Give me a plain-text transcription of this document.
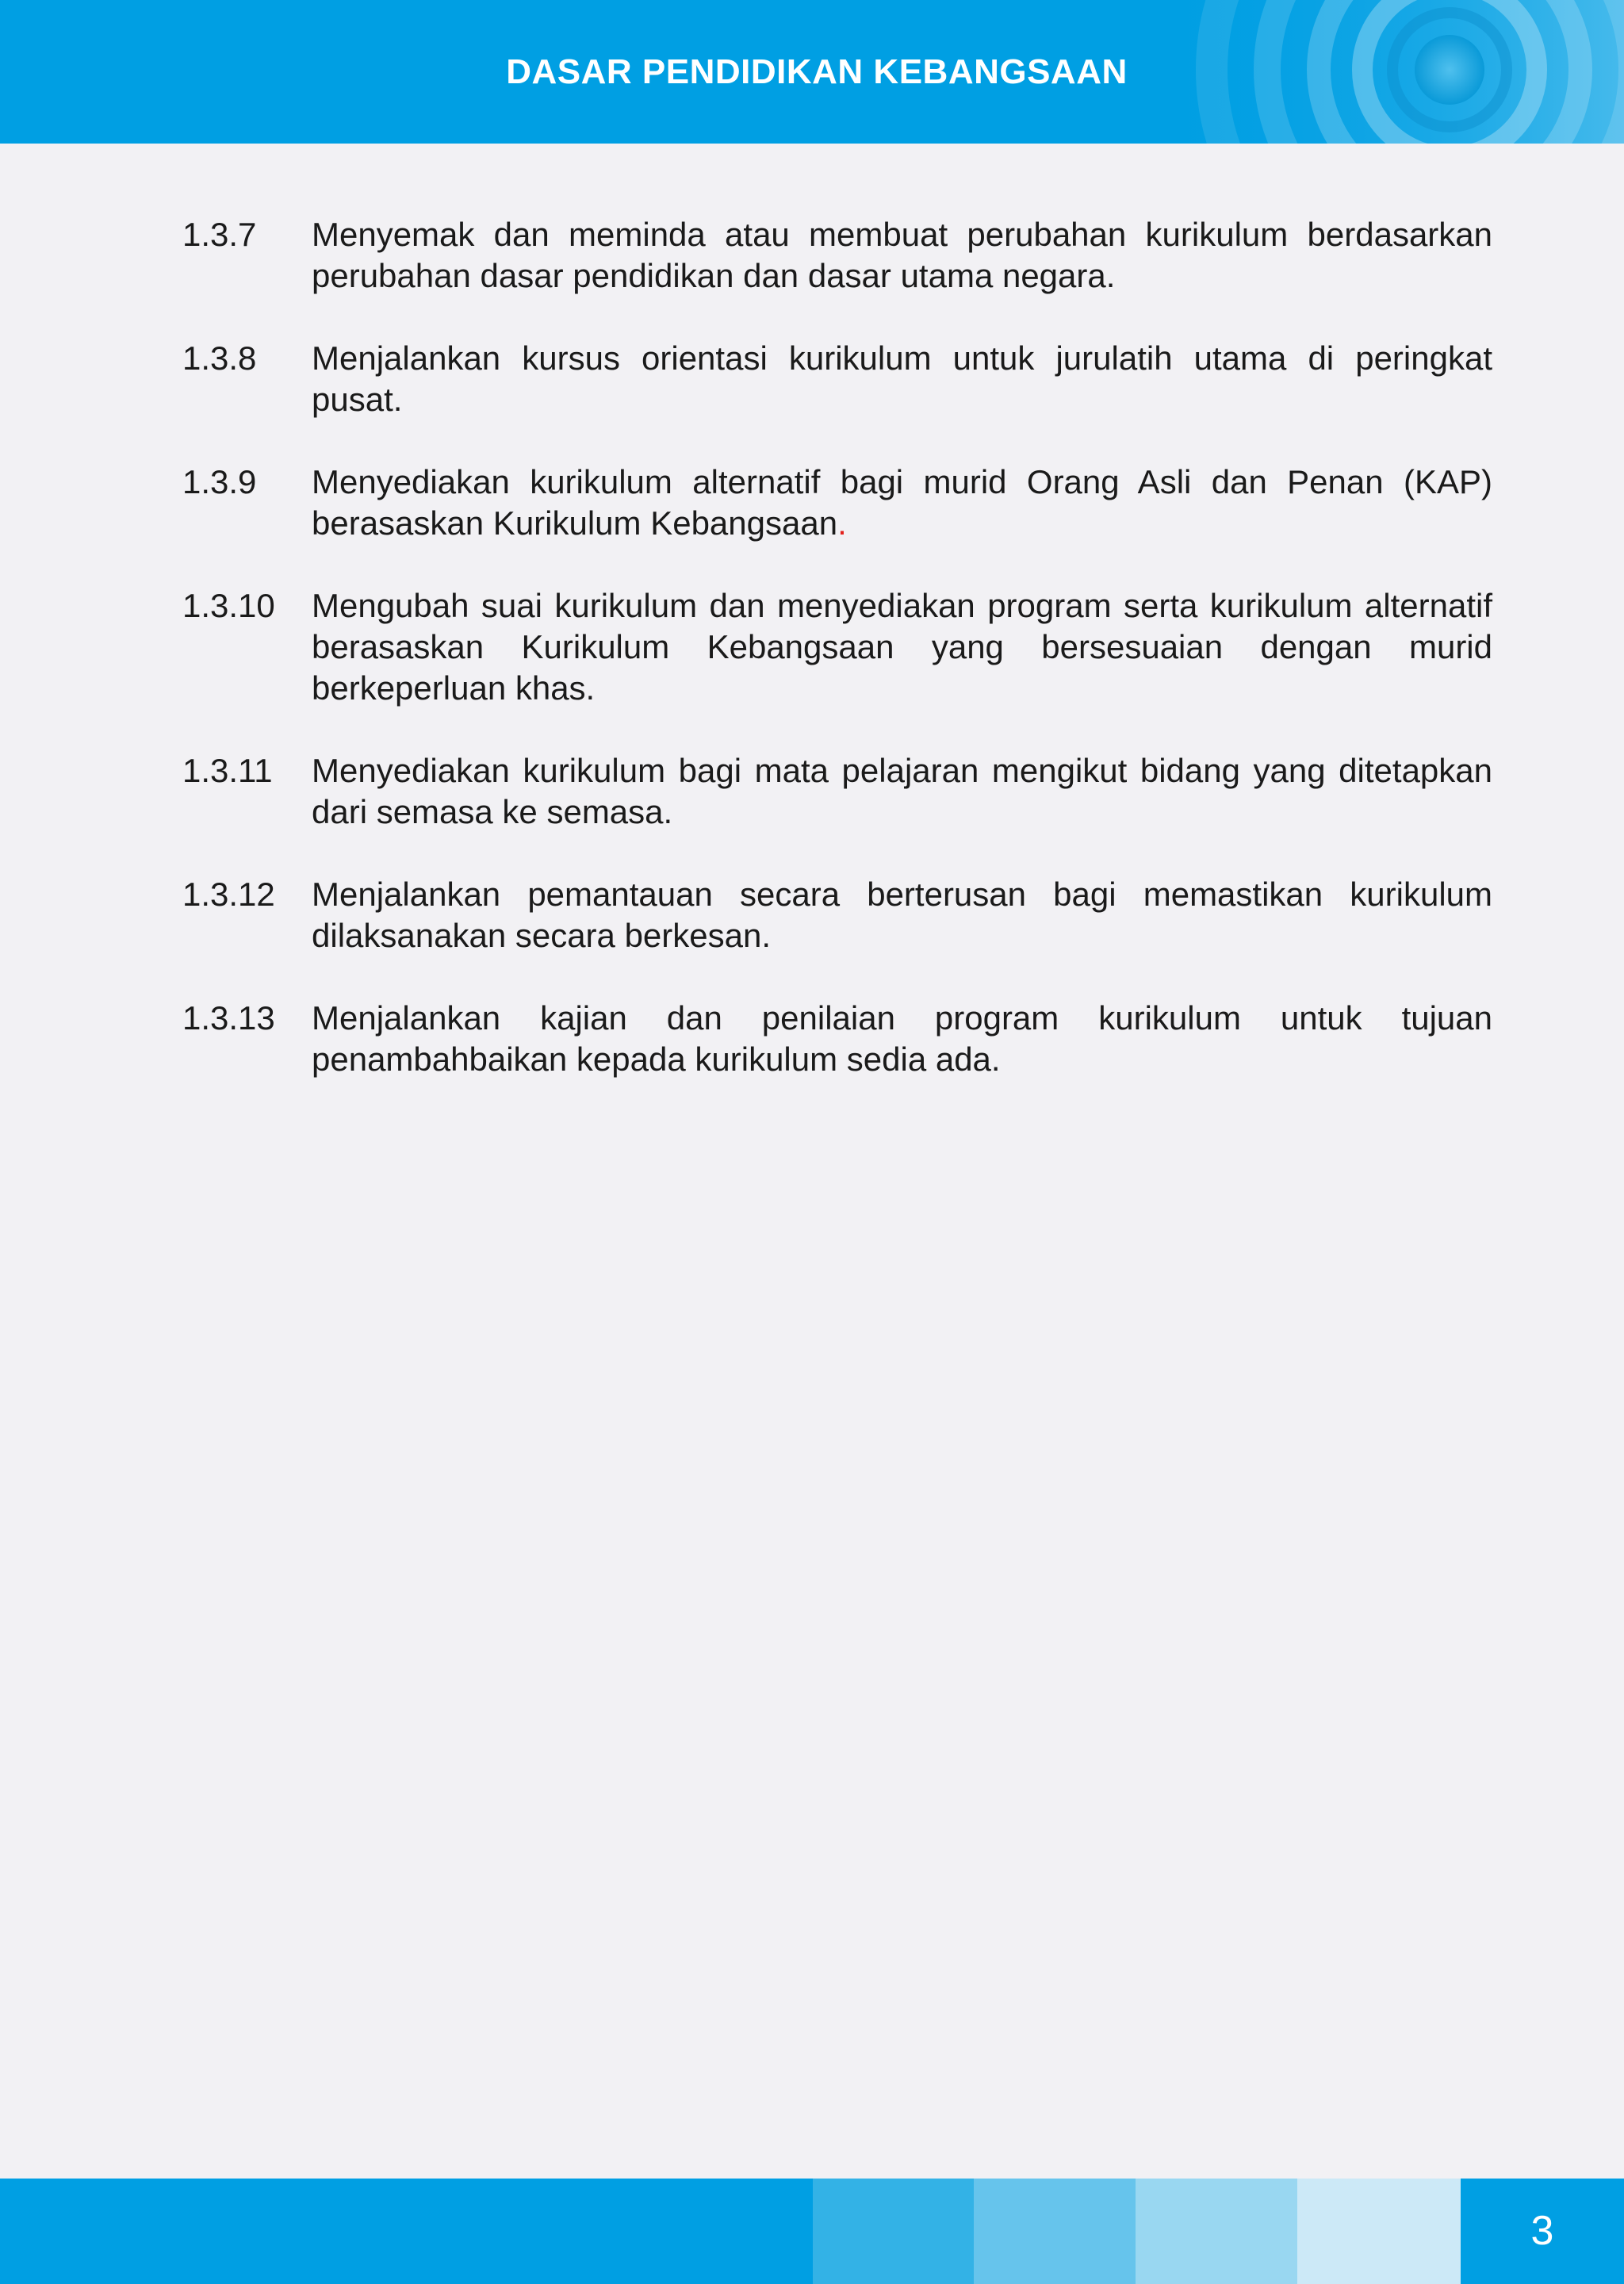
DASAR PENDIDIKAN KEBANGSAAN
1.3.7	Menyemak dan meminda atau membuat perubahan kurikulum berdasarkan perubahan dasar pendidikan dan dasar utama negara.
1.3.8	Menjalankan kursus orientasi kurikulum untuk jurulatih utama di peringkat pusat.
1.3.9	Menyediakan kurikulum alternatif bagi murid Orang Asli dan Penan (KAP) berasaskan Kurikulum Kebangsaan.
1.3.10	Mengubah suai kurikulum dan menyediakan program serta kurikulum alternatif berasaskan Kurikulum Kebangsaan yang bersesuaian dengan murid berkeperluan khas.
1.3.11	Menyediakan kurikulum bagi mata pelajaran mengikut bidang yang ditetapkan dari semasa ke semasa.
1.3.12	Menjalankan pemantauan secara berterusan bagi memastikan kurikulum dilaksanakan secara berkesan.
1.3.13	Menjalankan kajian dan penilaian program kurikulum untuk tujuan penambahbaikan kepada kurikulum sedia ada.
3
